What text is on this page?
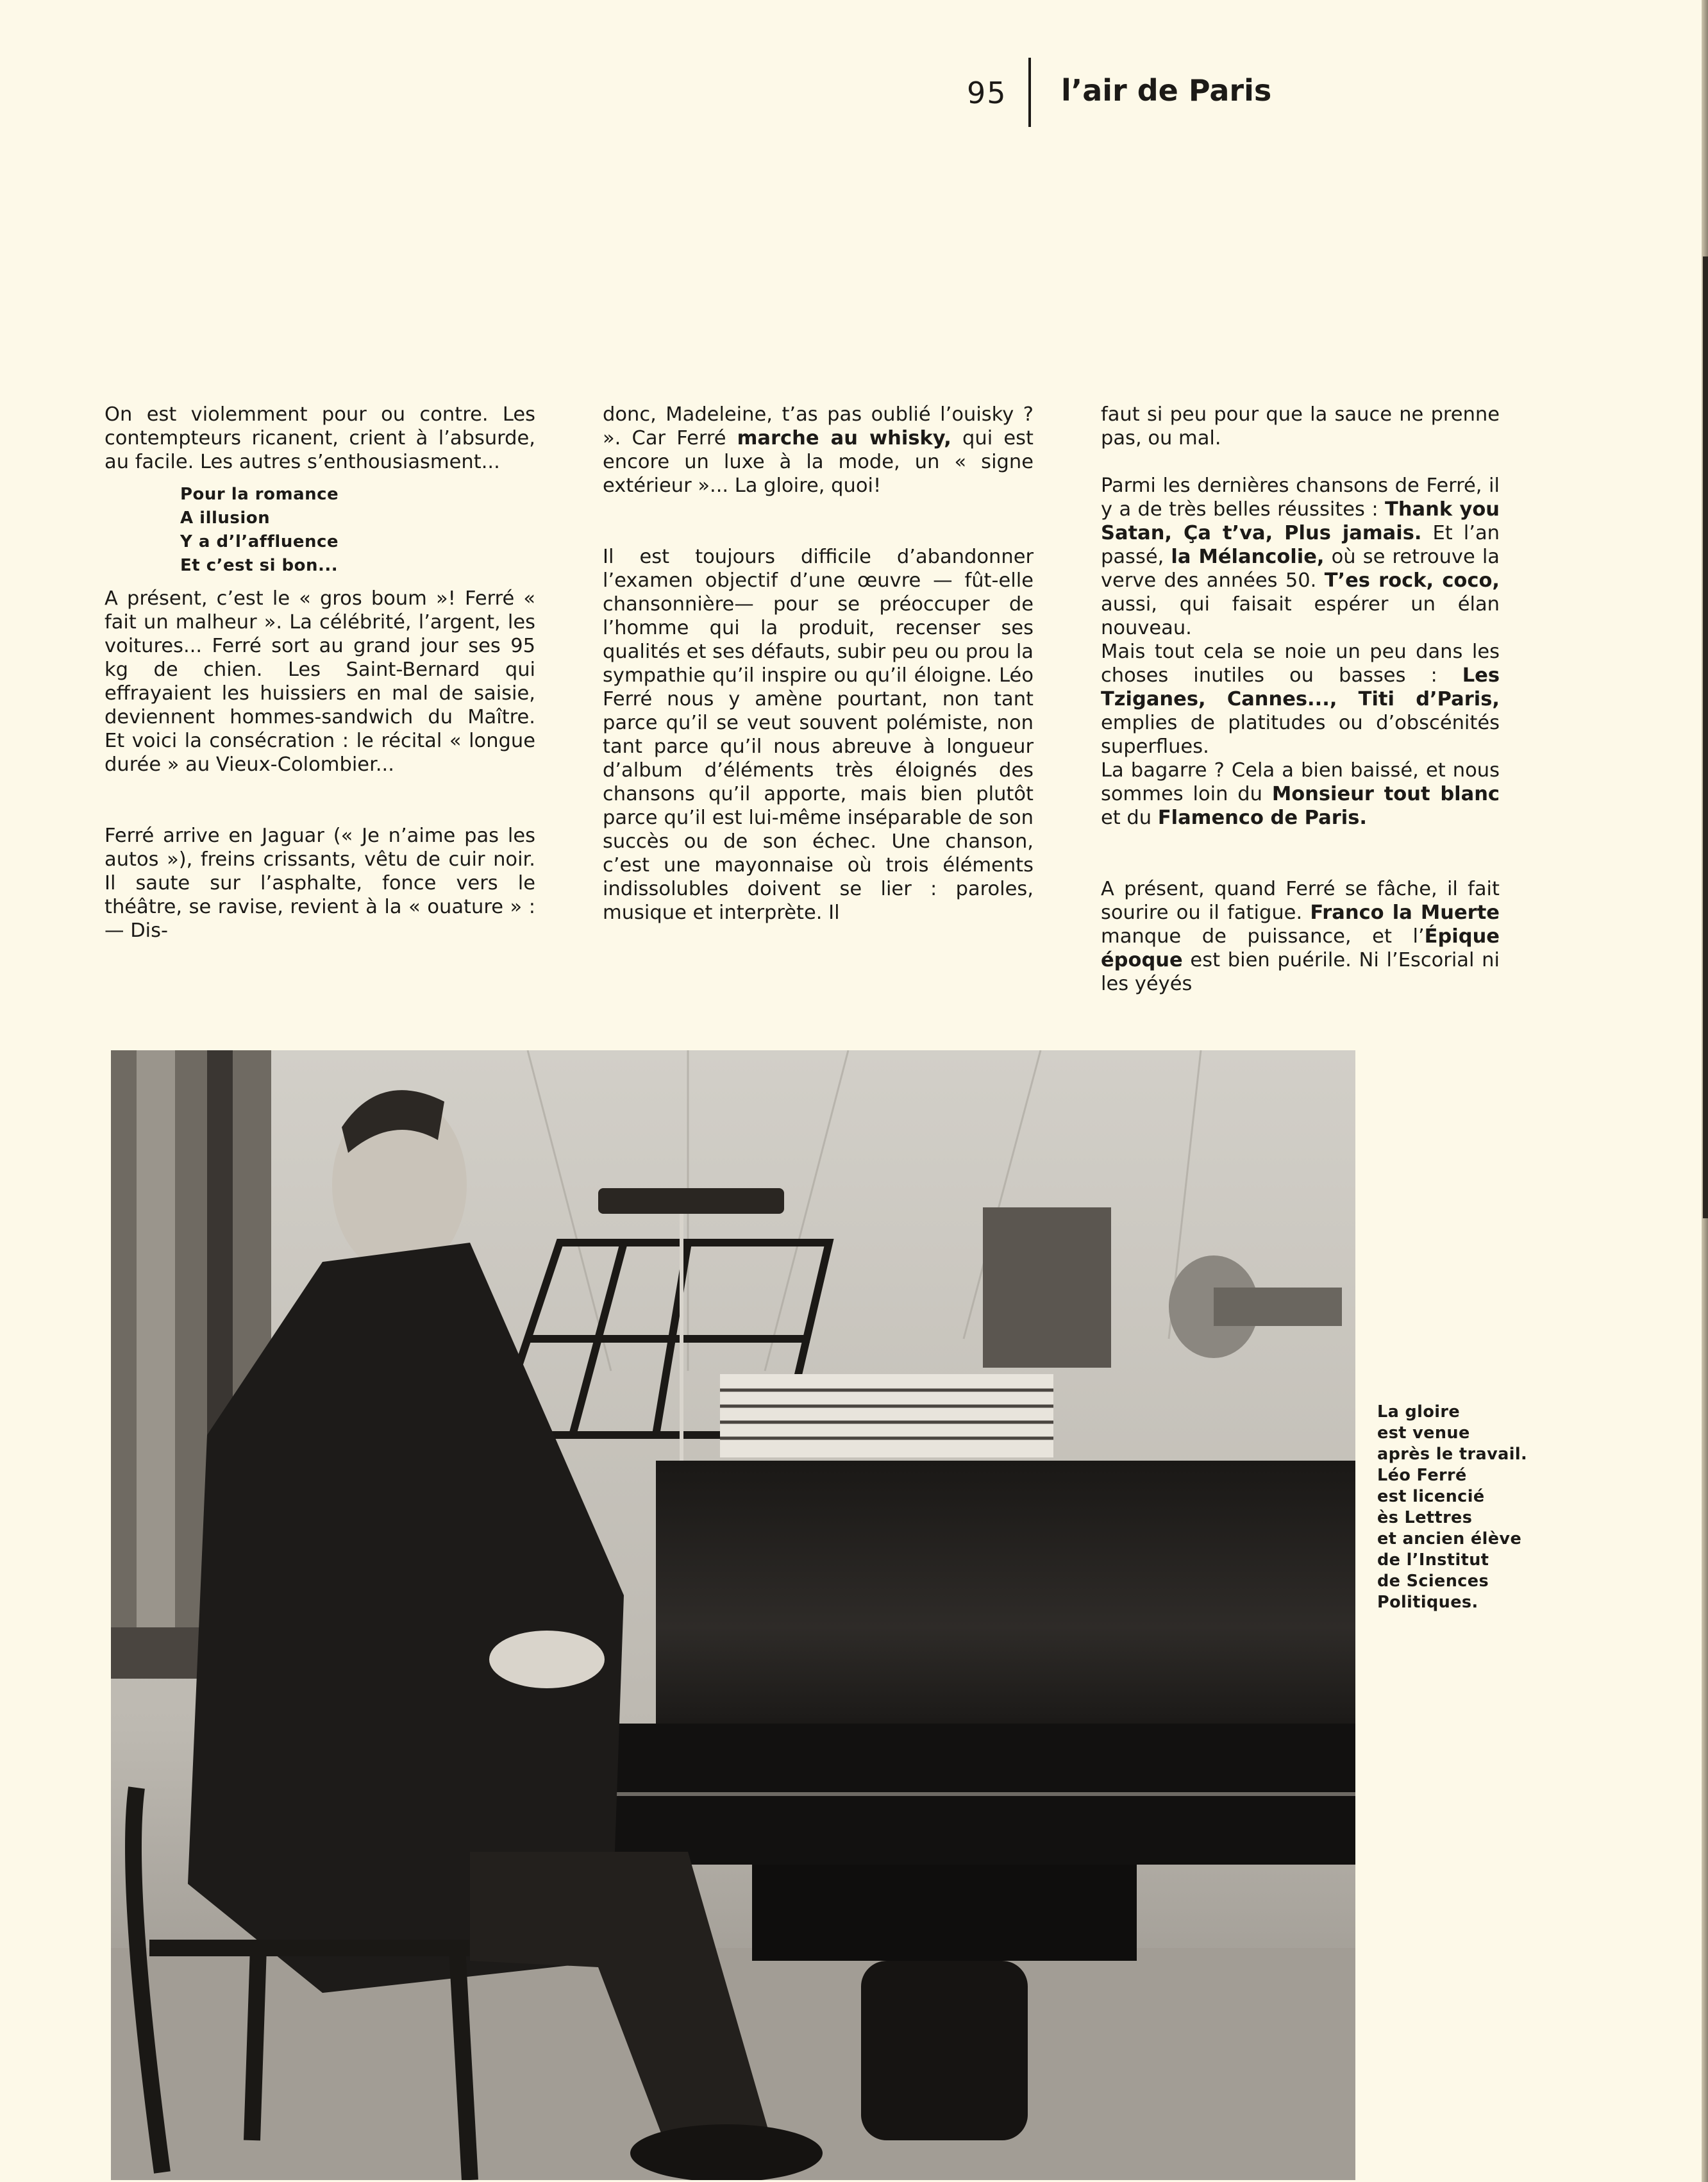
95 l’air de Paris

On est violemment pour ou contre. Les contempteurs ricanent, crient à l’absurde, au facile. Les autres s’enthousiasment...

Pour la romance
A illusion
Y a d’l’affluence
Et c’est si bon...

A présent, c’est le « gros boum »! Ferré « fait un malheur ». La célébrité, l’argent, les voitures... Ferré sort au grand jour ses 95 kg de chien. Les Saint-Bernard qui effrayaient les huissiers en mal de saisie, deviennent hommes-sandwich du Maître. Et voici la consécration : le récital « longue durée » au Vieux-Colombier...

Ferré arrive en Jaguar (« Je n’aime pas les autos »), freins crissants, vêtu de cuir noir. Il saute sur l’asphalte, fonce vers le théâtre, se ravise, revient à la « ouature » : — Dis-

donc, Madeleine, t’as pas oublié l’ouisky ? ». Car Ferré marche au whisky, qui est encore un luxe à la mode, un « signe extérieur »... La gloire, quoi!

Il est toujours difficile d’abandonner l’examen objectif d’une œuvre — fût-elle chansonnière— pour se préoccuper de l’homme qui la produit, recenser ses qualités et ses défauts, subir peu ou prou la sympathie qu’il inspire ou qu’il éloigne. Léo Ferré nous y amène pourtant, non tant parce qu’il se veut souvent polémiste, non tant parce qu’il nous abreuve à longueur d’album d’éléments très éloignés des chansons qu’il apporte, mais bien plutôt parce qu’il est lui-même inséparable de son succès ou de son échec. Une chanson, c’est une mayonnaise où trois éléments indissolubles doivent se lier : paroles, musique et interprète. Il

faut si peu pour que la sauce ne prenne pas, ou mal.

Parmi les dernières chansons de Ferré, il y a de très belles réussites : Thank you Satan, Ça t’va, Plus jamais. Et l’an passé, la Mélancolie, où se retrouve la verve des années 50. T’es rock, coco, aussi, qui faisait espérer un élan nouveau.

Mais tout cela se noie un peu dans les choses inutiles ou basses : Les Tziganes, Cannes..., Titi d’Paris, emplies de platitudes ou d’obscénités superflues.

La bagarre ? Cela a bien baissé, et nous sommes loin du Monsieur tout blanc et du Flamenco de Paris.

A présent, quand Ferré se fâche, il fait sourire ou il fatigue. Franco la Muerte manque de puissance, et l’Épique époque est bien puérile. Ni l’Escorial ni les yéyés

La gloire
est venue
après le travail.
Léo Ferré
est licencié
ès Lettres
et ancien élève
de l’Institut
de Sciences
Politiques.
